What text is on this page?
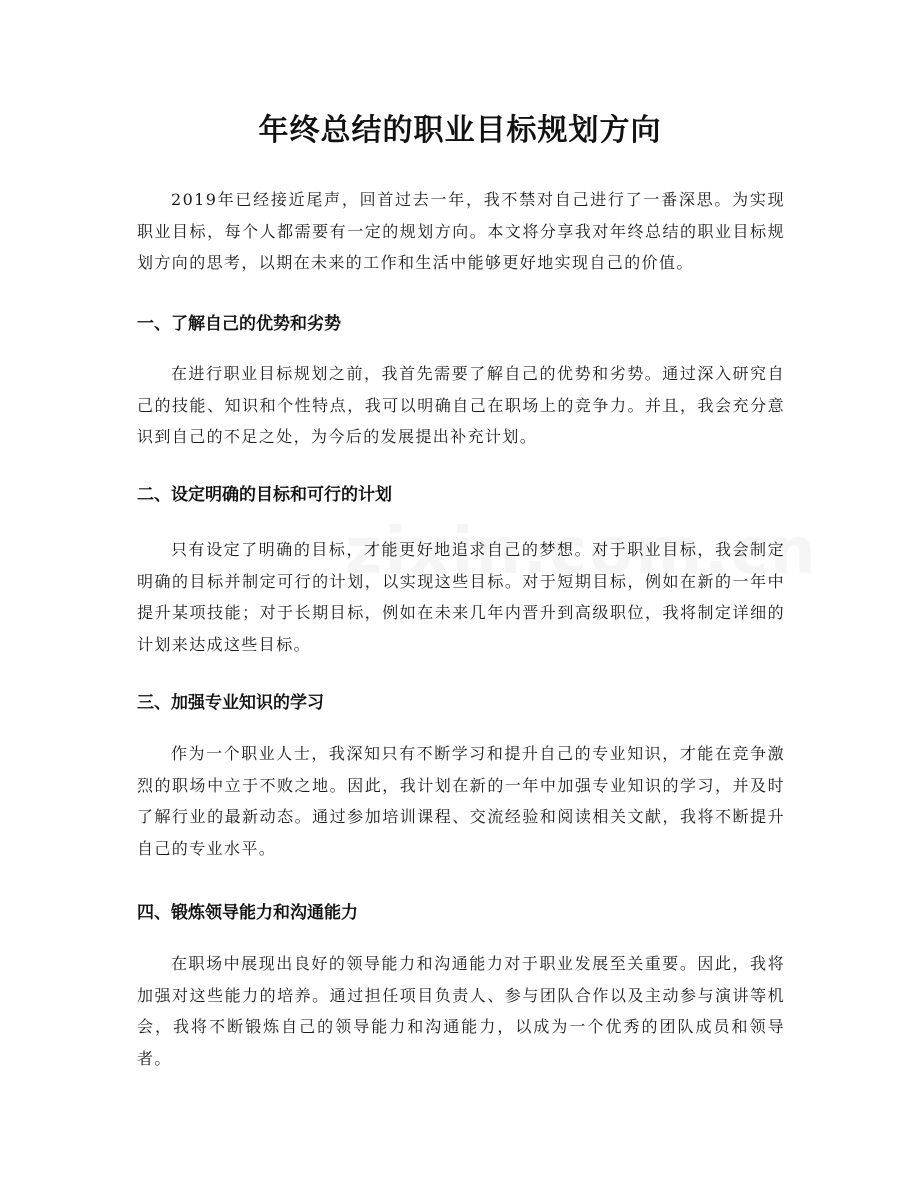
年终总结的职业目标规划方向

2019年已经接近尾声，回首过去一年，我不禁对自己进行了一番深思。为实现职业目标，每个人都需要有一定的规划方向。本文将分享我对年终总结的职业目标规划方向的思考，以期在未来的工作和生活中能够更好地实现自己的价值。

一、了解自己的优势和劣势

在进行职业目标规划之前，我首先需要了解自己的优势和劣势。通过深入研究自己的技能、知识和个性特点，我可以明确自己在职场上的竞争力。并且，我会充分意识到自己的不足之处，为今后的发展提出补充计划。

二、设定明确的目标和可行的计划

只有设定了明确的目标，才能更好地追求自己的梦想。对于职业目标，我会制定明确的目标并制定可行的计划，以实现这些目标。对于短期目标，例如在新的一年中提升某项技能；对于长期目标，例如在未来几年内晋升到高级职位，我将制定详细的计划来达成这些目标。

三、加强专业知识的学习

作为一个职业人士，我深知只有不断学习和提升自己的专业知识，才能在竞争激烈的职场中立于不败之地。因此，我计划在新的一年中加强专业知识的学习，并及时了解行业的最新动态。通过参加培训课程、交流经验和阅读相关文献，我将不断提升自己的专业水平。

四、锻炼领导能力和沟通能力

在职场中展现出良好的领导能力和沟通能力对于职业发展至关重要。因此，我将加强对这些能力的培养。通过担任项目负责人、参与团队合作以及主动参与演讲等机会，我将不断锻炼自己的领导能力和沟通能力，以成为一个优秀的团队成员和领导者。
